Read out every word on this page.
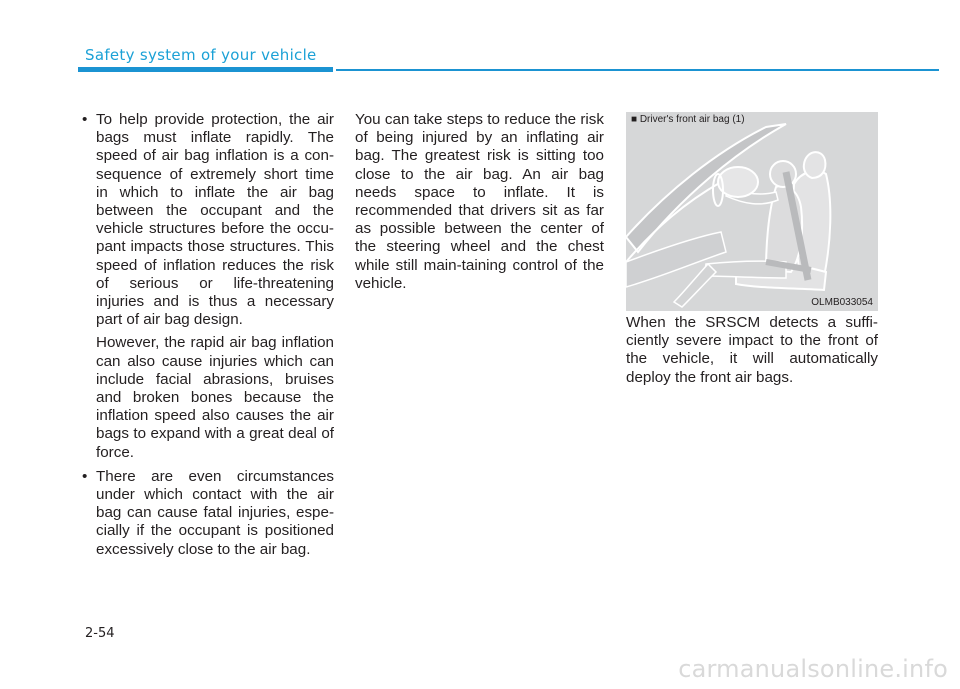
Safety system of your vehicle
• To help provide protection, the air bags must inflate rapidly. The speed of air bag inflation is a con-sequence of extremely short time in which to inflate the air bag between the occupant and the vehicle structures before the occu-pant impacts those structures. This speed of inflation reduces the risk of serious or life-threatening injuries and is thus a necessary part of air bag design.

However, the rapid air bag inflation can also cause injuries which can include facial abrasions, bruises and broken bones because the inflation speed also causes the air bags to expand with a great deal of force.

• There are even circumstances under which contact with the air bag can cause fatal injuries, espe-cially if the occupant is positioned excessively close to the air bag.

You can take steps to reduce the risk of being injured by an inflating air bag. The greatest risk is sitting too close to the air bag. An air bag needs space to inflate. It is recommended that drivers sit as far as possible between the center of the steering wheel and the chest while still main-taining control of the vehicle.

■ Driver's front air bag (1)
OLMB033054

When the SRSCM detects a suffi-ciently severe impact to the front of the vehicle, it will automatically deploy the front air bags.

2-54
carmanualsonline.info
